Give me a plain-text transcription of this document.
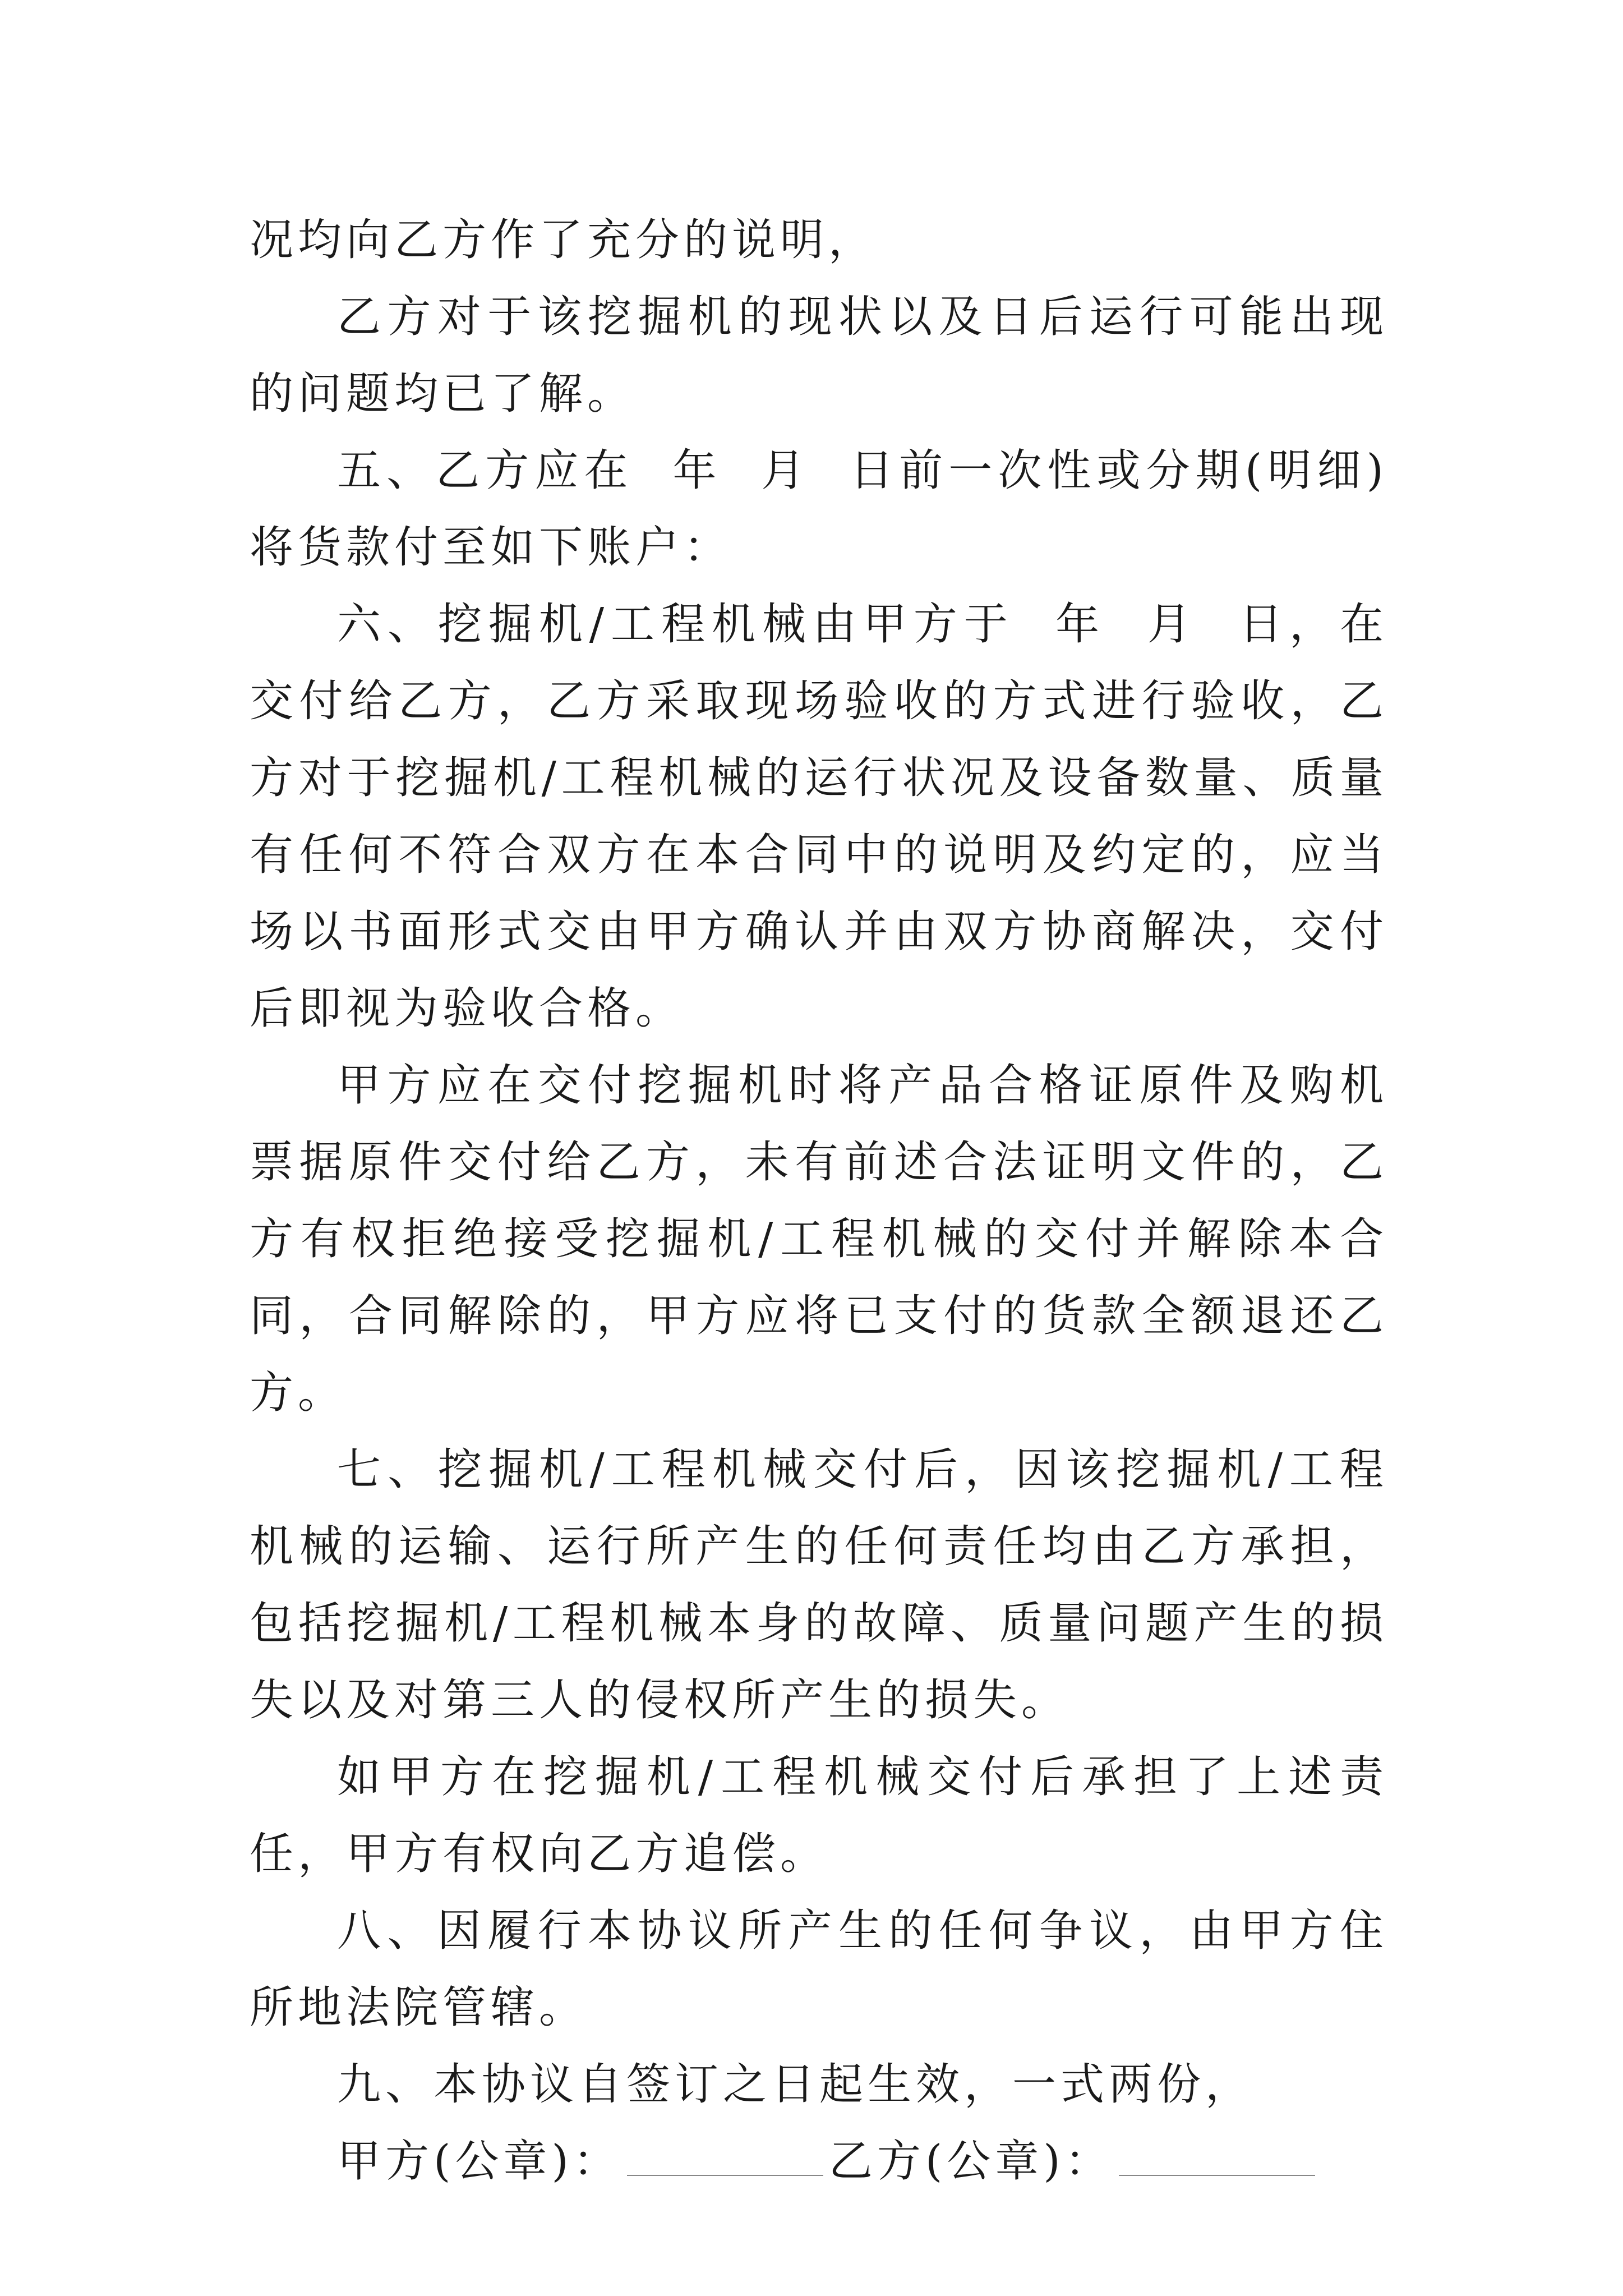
况均向乙方作了充分的说明，

乙方对于该挖掘机的现状以及日后运行可能出现的问题均已了解。

五、乙方应在  年  月  日前一次性或分期(明细)将货款付至如下账户：

六、挖掘机/工程机械由甲方于  年  月  日，在 交付给乙方，乙方采取现场验收的方式进行验收，乙方对于挖掘机/工程机械的运行状况及设备数量、质量有任何不符合双方在本合同中的说明及约定的，应当场以书面形式交由甲方确认并由双方协商解决，交付后即视为验收合格。

甲方应在交付挖掘机时将产品合格证原件及购机票据原件交付给乙方，未有前述合法证明文件的，乙方有权拒绝接受挖掘机/工程机械的交付并解除本合同，合同解除的，甲方应将已支付的货款全额退还乙方。

七、挖掘机/工程机械交付后，因该挖掘机/工程机械的运输、运行所产生的任何责任均由乙方承担，包括挖掘机/工程机械本身的故障、质量问题产生的损失以及对第三人的侵权所产生的损失。

如甲方在挖掘机/工程机械交付后承担了上述责任，甲方有权向乙方追偿。

八、因履行本协议所产生的任何争议，由甲方住所地法院管辖。

九、本协议自签订之日起生效，一式两份，

甲方(公章)：	乙方(公章)：
